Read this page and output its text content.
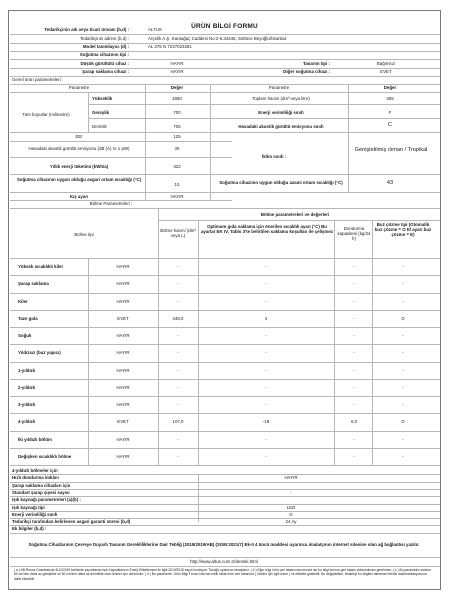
ÜRÜN BİLGİ FORMU
Tedarikçinin adı veya ticari ünvanı (b,d) :	ALTUS
Tedarikçinin adresi (b,d) :	Arçelik A.Ş. Karaağaç Caddesi No:2-6,34445, Sütlüce Beyoğlu/İstanbul
Model tanımlayıcı (d) :	AL 375 N 7237023281
Soğutma cihazının tipi :
Düşük gürültülü cihaz :	HAYIR	Tasarım tipi :	Bağımsız
Şarap saklama cihazı :	HAYIR	Diğer soğutma cihazı :	EVET
Genel ürün parametreleri :
Parametre	Değer	Parametre	Değer
Tüm boyutlar (milimetre)
Yükseklik	1850
Genişlik	700
Derinlik	705
Toplam hacim (dm³ veya litre)	455
Enerji verimliliği sınıfı	F
Havadaki akustik gürültü emisyonu sınıfı	C
EEI	125
Havadaki akustik gürültü emisyonu (dB (A) re 1 pW)	39
Yıllık enerji tüketimi (kWh/a)	322
İklim sınıfı :
Genişletilmiş ılıman / Tropikal
Soğutma cihazının uygun olduğu asgari ortam sıcaklığı (°C)
10	Soğutma cihazının uygun olduğu azami ortam sıcaklığı (°C)	43
Kış ayarı	HAYIR
Bölme Parametreleri :
Bölme parametreleri ve değerleri
Bölme tipi
Bölme hacmi (dm³ veya L)
Optimum gıda saklama için önerilen sıcaklık ayarı (°C) Bu ayarlar EK IV, Tablo 3'te belirtilen saklama koşulları ile çelişmez
Dondurma kapasitesi (kg/24 h)
Buz çözme tipi (Otomatik buz çözme = O El ayarı buz çözme = E)
Yüksek sıcaklıklı kiler	HAYIR	-	-	-	-
Şarap saklama	HAYIR	-	-	-	-
Kiler	HAYIR	-	-	-	-
Taze gıda	EVET	348,0	4	-	O
Soğuk	HAYIR	-	-	-	-
Yıldızsız (buz yapıcı)	HAYIR	-	-	-	-
1-yıldızlı	HAYIR	-	-	-	-
2-yıldızlı	HAYIR	-	-	-	-
3-yıldızlı	HAYIR	-	-	-	-
4-yıldızlı	EVET	107,0	-18	6,0	O
İki yıldızlı bölüm	HAYIR	-	-	-	-
Değişken sıcaklıklı bölme	HAYIR	-	-	-	-
4-yıldızlı bölmeler için
Hızlı dondurma imkânı	HAYIR
Şarap saklama cihazları için
Standart şarap şişesi sayısı	-
Işık kaynağı parametreleri (a)(b) :
Işık kaynağı tipi	LED
Enerji verimliliği sınıfı	G
Tedarikçi tarafından belirlenen asgari garanti süresi (b,d)	24 Ay
Ek bilgiler (b,d) :
Soğutma Cihazlarının Çevreye Duyarlı Tasarım Gerekliliklerine Dair Tebliğ (2019/2019/AB) (SGM:2021/7) Ek-II 4 üncü maddesi uyarınca imalatçının internet sitesine olan ağ bağlantısı yazılır.
http://www.altus.com.tr/destek.html
( a ) AB Resmi Gazetesinde 5/12/2019 tarihinde yayımlanan Işık Kaynaklarının Enerji Etiketlemesi ile ilgili 2019/2015 sayılı komisyon Tüzüğü uyarınca hesaplanır. ( b ) Eğer bilgi ürün veri tabanında mevcut ise bu bilgi formun geri kalanı doldurulması gerekmez. ( c ) Bu parametre sadece 60 cm'den daha az genişlikte ve 50 cm'den daha az derinlikte olan ürünler için doldurulur. ( d ) Bu parametre, Ürün Bilgi Formu'nda ilan edilir fakat ürün veri tabanına ( ürünler için ilgili kısım ) ve etikette gösterilir. Bu değişiklikler, tedarikçi bu bilgileri tamamen teknik dokümantasyonuna dahil etmelidir.
